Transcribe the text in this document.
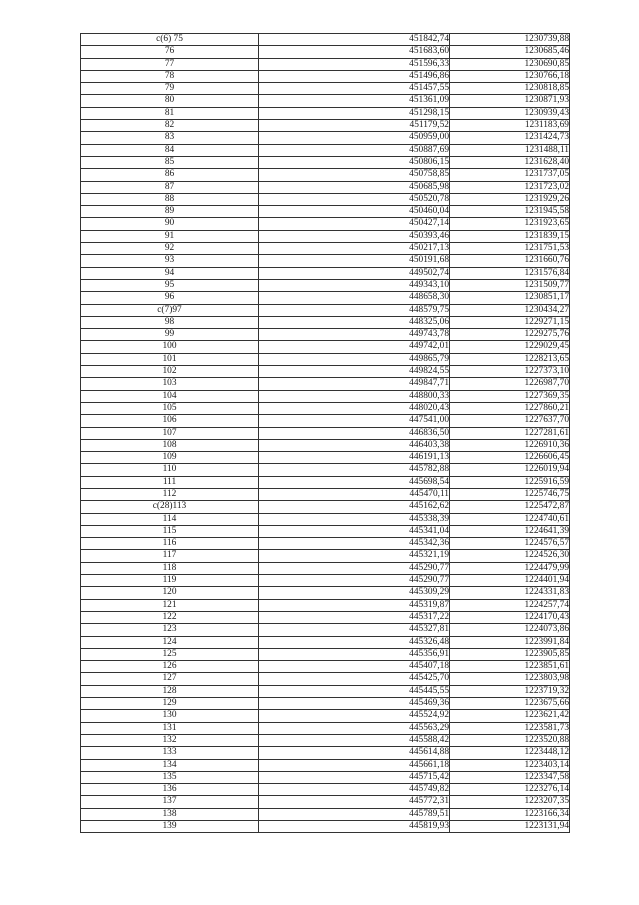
с(6) 75	451842,74	1230739,88
76	451683,60	1230685,46
77	451596,33	1230690,85
78	451496,86	1230766,18
79	451457,55	1230818,85
80	451361,09	1230871,93
81	451298,15	1230939,43
82	451179,52	1231183,69
83	450959,00	1231424,73
84	450887,69	1231488,11
85	450806,15	1231628,40
86	450758,85	1231737,05
87	450685,98	1231723,02
88	450520,78	1231929,26
89	450460,04	1231945,58
90	450427,14	1231923,65
91	450393,46	1231839,15
92	450217,13	1231751,53
93	450191,68	1231660,76
94	449502,74	1231576,84
95	449343,10	1231509,77
96	448658,30	1230851,17
с(7)97	448579,75	1230434,27
98	448325,06	1229271,15
99	449743,78	1229275,76
100	449742,01	1229029,45
101	449865,79	1228213,65
102	449824,55	1227373,10
103	449847,71	1226987,70
104	448800,33	1227369,35
105	448020,43	1227860,21
106	447541,00	1227637,70
107	446836,50	1227281,61
108	446403,38	1226910,36
109	446191,13	1226606,45
110	445782,88	1226019,94
111	445698,54	1225916,59
112	445470,11	1225746,75
с(28)113	445162,62	1225472,87
114	445338,39	1224740,61
115	445341,04	1224641,39
116	445342,36	1224576,57
117	445321,19	1224526,30
118	445290,77	1224479,99
119	445290,77	1224401,94
120	445309,29	1224331,83
121	445319,87	1224257,74
122	445317,22	1224170,43
123	445327,81	1224073,86
124	445326,48	1223991,84
125	445356,91	1223905,85
126	445407,18	1223851,61
127	445425,70	1223803,98
128	445445,55	1223719,32
129	445469,36	1223675,66
130	445524,92	1223621,42
131	445563,29	1223581,73
132	445588,42	1223520,88
133	445614,88	1223448,12
134	445661,18	1223403,14
135	445715,42	1223347,58
136	445749,82	1223276,14
137	445772,31	1223207,35
138	445789,51	1223166,34
139	445819,93	1223131,94
